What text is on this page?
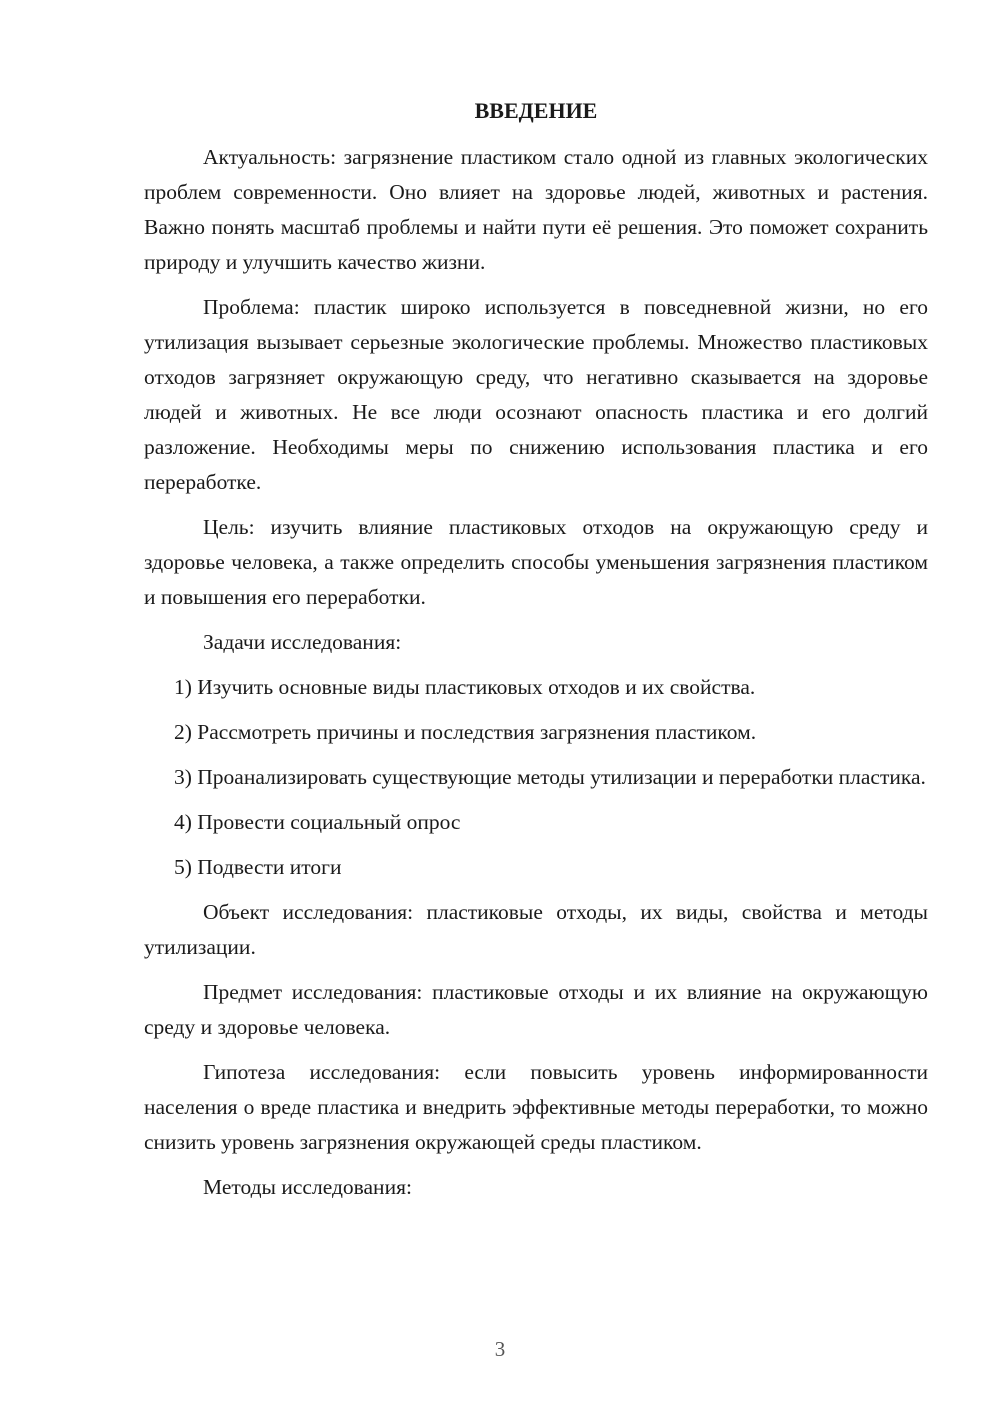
ВВЕДЕНИЕ

Актуальность: загрязнение пластиком стало одной из главных экологических проблем современности. Оно влияет на здоровье людей, животных и растения. Важно понять масштаб проблемы и найти пути её решения. Это поможет сохранить природу и улучшить качество жизни.

Проблема: пластик широко используется в повседневной жизни, но его утилизация вызывает серьезные экологические проблемы. Множество пластиковых отходов загрязняет окружающую среду, что негативно сказывается на здоровье людей и животных. Не все люди осознают опасность пластика и его долгий разложение. Необходимы меры по снижению использования пластика и его переработке.

Цель: изучить влияние пластиковых отходов на окружающую среду и здоровье человека, а также определить способы уменьшения загрязнения пластиком и повышения его переработки.

Задачи исследования:

1) Изучить основные виды пластиковых отходов и их свойства.

2) Рассмотреть причины и последствия загрязнения пластиком.

3) Проанализировать существующие методы утилизации и переработки пластика.

4) Провести социальный опрос

5) Подвести итоги

Объект исследования: пластиковые отходы, их виды, свойства и методы утилизации.

Предмет исследования: пластиковые отходы и их влияние на окружающую среду и здоровье человека.

Гипотеза исследования: если повысить уровень информированности населения о вреде пластика и внедрить эффективные методы переработки, то можно снизить уровень загрязнения окружающей среды пластиком.

Методы исследования:

3
